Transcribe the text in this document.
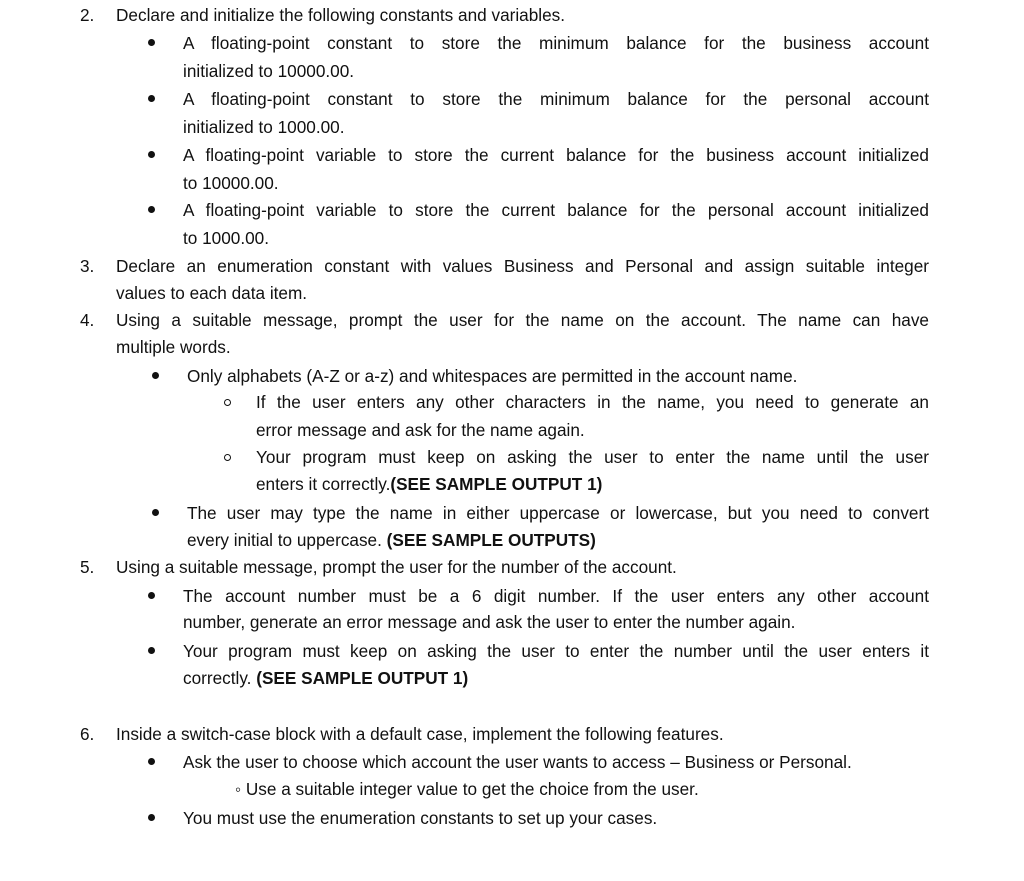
2. Declare and initialize the following constants and variables.
A floating-point constant to store the minimum balance for the business account
initialized to 10000.00.
A floating-point constant to store the minimum balance for the personal account
initialized to 1000.00.
A floating-point variable to store the current balance for the business account initialized
to 10000.00.
A floating-point variable to store the current balance for the personal account initialized
to 1000.00.
3. Declare an enumeration constant with values Business and Personal and assign suitable integer
values to each data item.
4. Using a suitable message, prompt the user for the name on the account. The name can have
multiple words.
Only alphabets (A-Z or a-z) and whitespaces are permitted in the account name.
If the user enters any other characters in the name, you need to generate an
error message and ask for the name again.
Your program must keep on asking the user to enter the name until the user
enters it correctly.(SEE SAMPLE OUTPUT 1)
The user may type the name in either uppercase or lowercase, but you need to convert
every initial to uppercase. (SEE SAMPLE OUTPUTS)
5. Using a suitable message, prompt the user for the number of the account.
The account number must be a 6 digit number. If the user enters any other account
number, generate an error message and ask the user to enter the number again.
Your program must keep on asking the user to enter the number until the user enters it
correctly. (SEE SAMPLE OUTPUT 1)
6. Inside a switch-case block with a default case, implement the following features.
Ask the user to choose which account the user wants to access – Business or Personal.
◦ Use a suitable integer value to get the choice from the user.
You must use the enumeration constants to set up your cases.
